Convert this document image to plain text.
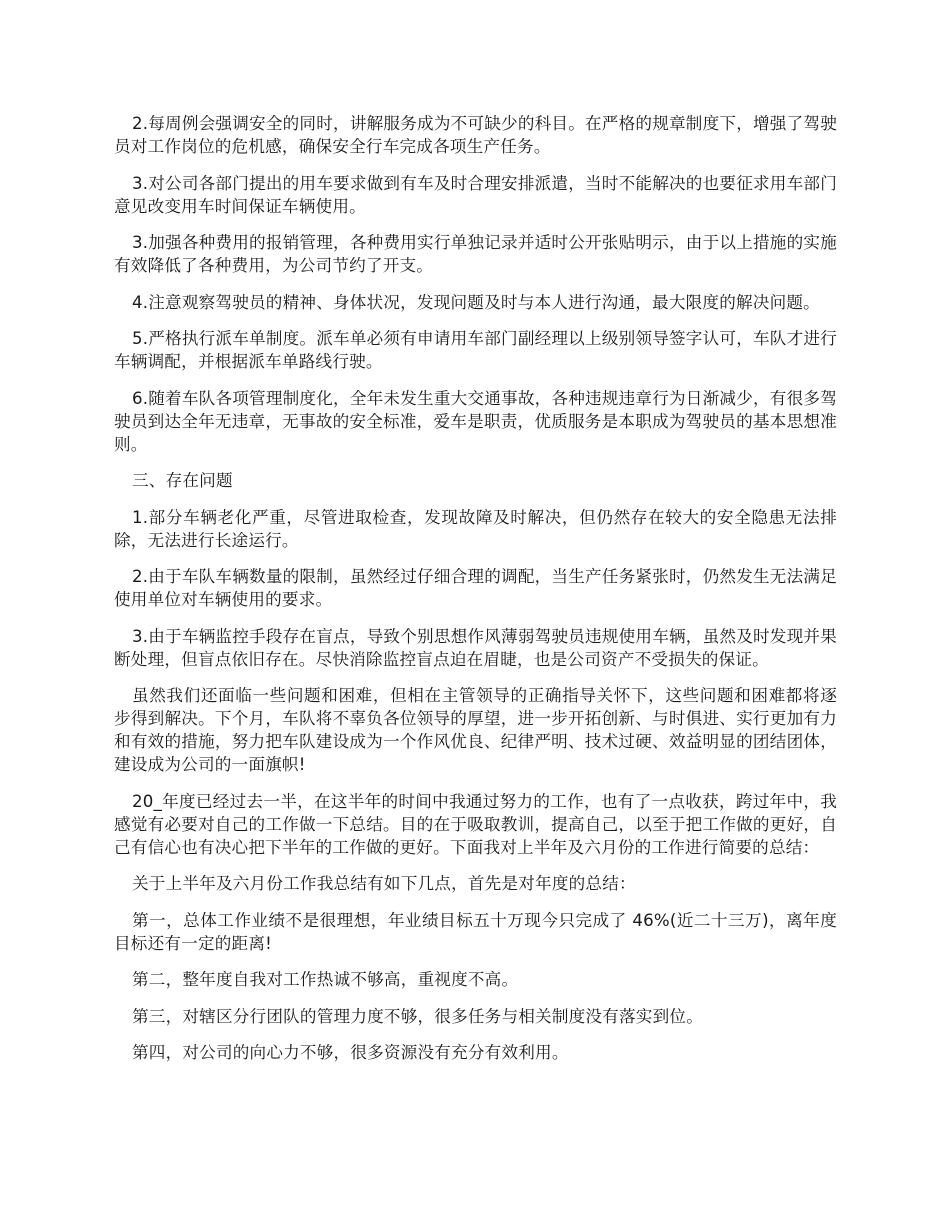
2.每周例会强调安全的同时，讲解服务成为不可缺少的科目。在严格的规章制度下，增强了驾驶员对工作岗位的危机感，确保安全行车完成各项生产任务。

3.对公司各部门提出的用车要求做到有车及时合理安排派遣，当时不能解决的也要征求用车部门意见改变用车时间保证车辆使用。

3.加强各种费用的报销管理，各种费用实行单独记录并适时公开张贴明示，由于以上措施的实施有效降低了各种费用，为公司节约了开支。

4.注意观察驾驶员的精神、身体状况，发现问题及时与本人进行沟通，最大限度的解决问题。

5.严格执行派车单制度。派车单必须有申请用车部门副经理以上级别领导签字认可，车队才进行车辆调配，并根据派车单路线行驶。

6.随着车队各项管理制度化，全年未发生重大交通事故，各种违规违章行为日渐减少，有很多驾驶员到达全年无违章，无事故的安全标准，爱车是职责，优质服务是本职成为驾驶员的基本思想准则。

三、存在问题

1.部分车辆老化严重，尽管进取检查，发现故障及时解决，但仍然存在较大的安全隐患无法排除，无法进行长途运行。

2.由于车队车辆数量的限制，虽然经过仔细合理的调配，当生产任务紧张时，仍然发生无法满足使用单位对车辆使用的要求。

3.由于车辆监控手段存在盲点，导致个别思想作风薄弱驾驶员违规使用车辆，虽然及时发现并果断处理，但盲点依旧存在。尽快消除监控盲点迫在眉睫，也是公司资产不受损失的保证。

虽然我们还面临一些问题和困难，但相在主管领导的正确指导关怀下，这些问题和困难都将逐步得到解决。下个月，车队将不辜负各位领导的厚望，进一步开拓创新、与时俱进、实行更加有力和有效的措施，努力把车队建设成为一个作风优良、纪律严明、技术过硬、效益明显的团结团体，建设成为公司的一面旗帜!

20_年度已经过去一半，在这半年的时间中我通过努力的工作，也有了一点收获，跨过年中，我感觉有必要对自己的工作做一下总结。目的在于吸取教训，提高自己，以至于把工作做的更好，自己有信心也有决心把下半年的工作做的更好。下面我对上半年及六月份的工作进行简要的总结：

关于上半年及六月份工作我总结有如下几点，首先是对年度的总结：

第一，总体工作业绩不是很理想，年业绩目标五十万现今只完成了 46%(近二十三万)，离年度目标还有一定的距离!

第二，整年度自我对工作热诚不够高，重视度不高。

第三，对辖区分行团队的管理力度不够，很多任务与相关制度没有落实到位。

第四，对公司的向心力不够，很多资源没有充分有效利用。
